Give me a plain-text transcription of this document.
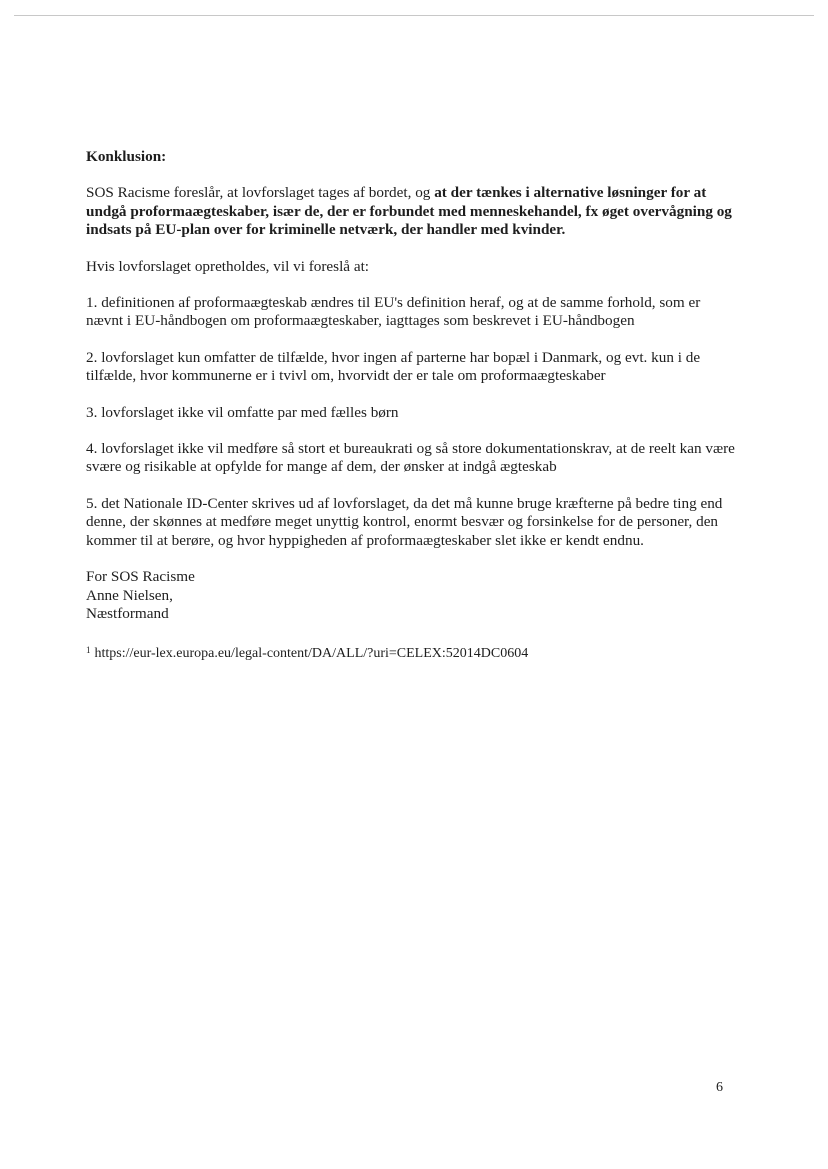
Konklusion:

SOS Racisme foreslår, at lovforslaget tages af bordet, og at der tænkes i alternative løsninger for at undgå proformaægteskaber, især de, der er forbundet med menneskehandel, fx øget overvågning og indsats på EU-plan over for kriminelle netværk, der handler med kvinder.

Hvis lovforslaget opretholdes, vil vi foreslå at:

1. definitionen af proformaægteskab ændres til EU's definition heraf, og at de samme forhold, som er nævnt i EU-håndbogen om proformaægteskaber, iagttages som beskrevet i EU-håndbogen

2. lovforslaget kun omfatter de tilfælde, hvor ingen af parterne har bopæl i Danmark, og evt. kun i de tilfælde, hvor kommunerne er i tvivl om, hvorvidt der er tale om proformaægteskaber

3. lovforslaget ikke vil omfatte par med fælles børn

4. lovforslaget ikke vil medføre så stort et bureaukrati og så store dokumentationskrav, at de reelt kan være svære og risikable at opfylde for mange af dem, der ønsker at indgå ægteskab

5. det Nationale ID-Center skrives ud af lovforslaget, da det må kunne bruge kræfterne på bedre ting end denne, der skønnes at medføre meget unyttig kontrol, enormt besvær og forsinkelse for de personer, den kommer til at berøre, og hvor hyppigheden af proformaægteskaber slet ikke er kendt endnu.

For SOS Racisme
Anne Nielsen,
Næstformand

$^1$ https://eur-lex.europa.eu/legal-content/DA/ALL/?uri=CELEX:52014DC0604

6
